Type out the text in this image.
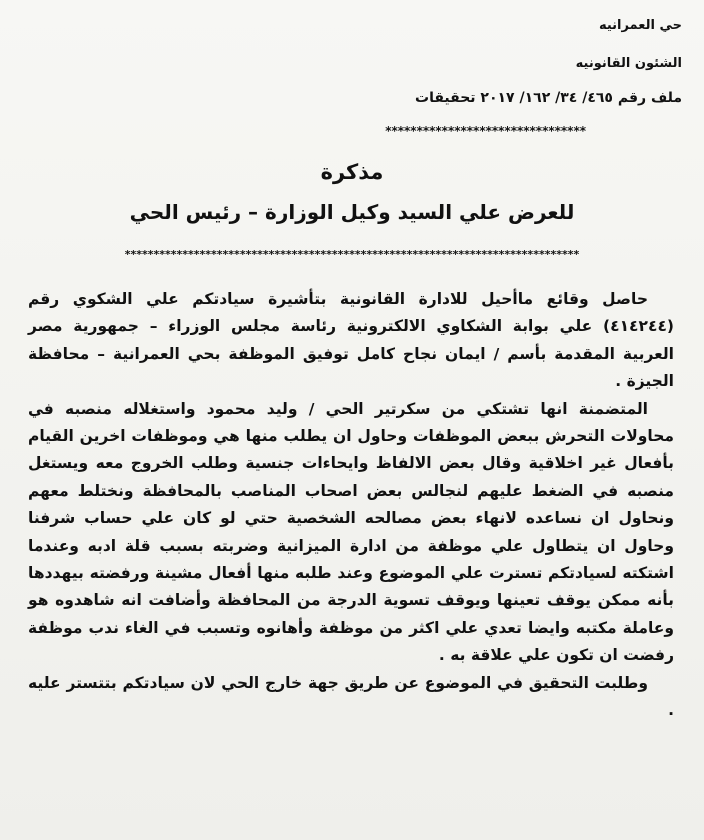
حي العمرانيه
الشئون القانونيه
ملف رقم ٤٦٥/ ٣٤/ ١٦٢/ ٢٠١٧ تحقيقات
********************************
مذكرة
للعرض علي السيد وكيل الوزارة – رئيس الحي
*******************************************************************************

حاصل وقائع ماأحيل للادارة القانونية بتأشيرة سيادتكم علي الشكوي رقم (٤١٤٢٤٤) علي بوابة الشكاوي الالكترونية رئاسة مجلس الوزراء – جمهورية مصر العربية المقدمة بأسم / ايمان نجاح كامل توفيق الموظفة بحي العمرانية – محافظة الجيزة .

المتضمنة انها تشتكي من سكرتير الحي / وليد محمود واستغلاله منصبه في محاولات التحرش ببعض الموظفات وحاول ان يطلب منها هي وموظفات اخرين القيام بأفعال غير اخلاقية وقال بعض الالفاظ وايحاءات جنسية وطلب الخروج معه ويستغل منصبه في الضغط عليهم لنجالس بعض اصحاب المناصب بالمحافظة ونختلط معهم ونحاول ان نساعده لانهاء بعض مصالحه الشخصية حتي لو كان علي حساب شرفنا وحاول ان يتطاول علي موظفة من ادارة الميزانية وضربته بسبب قلة ادبه وعندما اشتكته لسيادتكم تسترت علي الموضوع وعند طلبه منها أفعال مشينة ورفضته بيهددها بأنه ممكن يوقف تعينها ويوقف تسوية الدرجة من المحافظة وأضافت انه شاهدوه هو وعاملة مكتبه وايضا تعدي علي اكثر من موظفة وأهانوه وتسبب في الغاء ندب موظفة رفضت ان تكون علي علاقة به .

وطلبت التحقيق في الموضوع عن طريق جهة خارج الحي لان سيادتكم بتتستر عليه .
